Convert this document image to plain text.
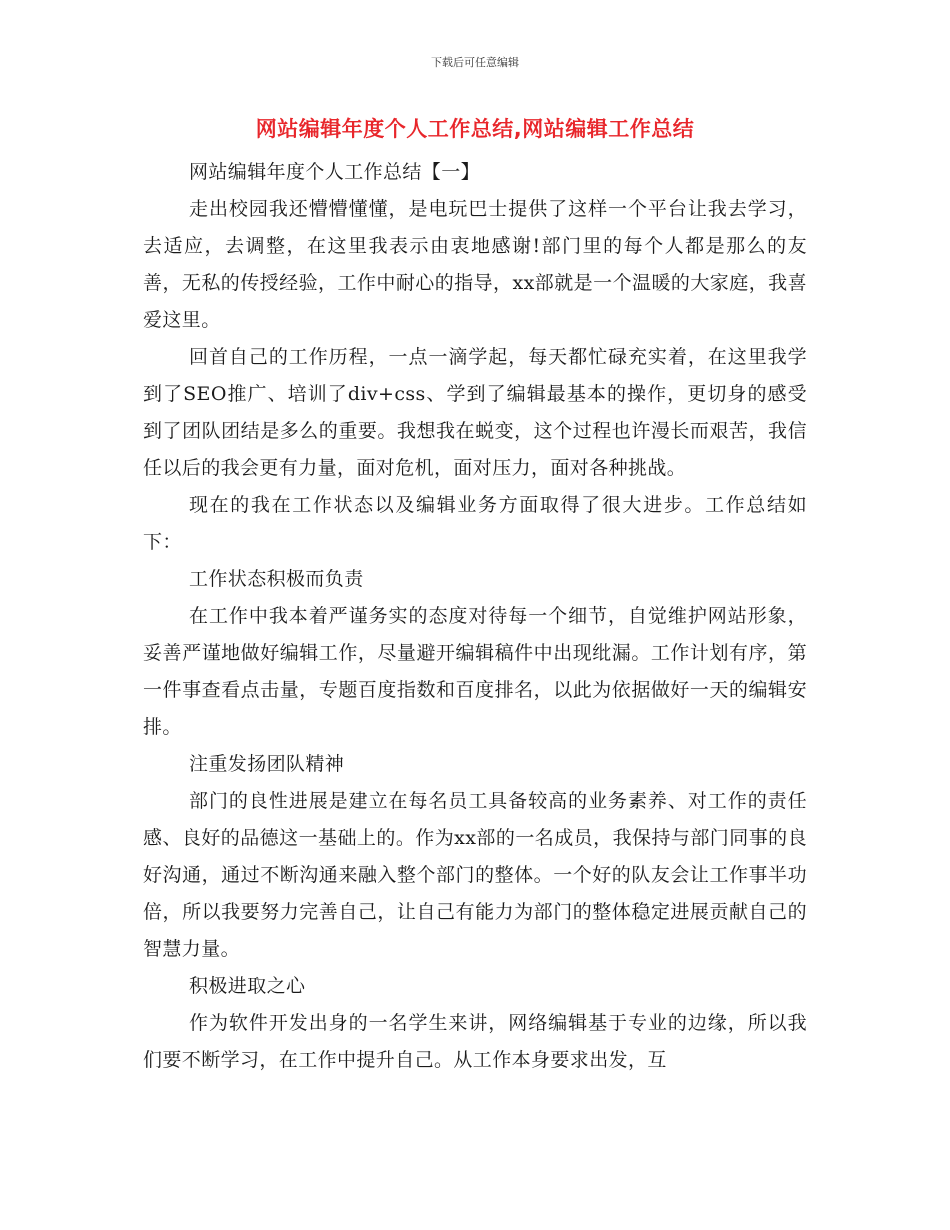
下载后可任意编辑
网站编辑年度个人工作总结,网站编辑工作总结

网站编辑年度个人工作总结【一】

走出校园我还懵懵懂懂，是电玩巴士提供了这样一个平台让我去学习，去适应，去调整，在这里我表示由衷地感谢!部门里的每个人都是那么的友善，无私的传授经验，工作中耐心的指导，xx部就是一个温暖的大家庭，我喜爱这里。

回首自己的工作历程，一点一滴学起，每天都忙碌充实着，在这里我学到了SEO推广、培训了div+css、学到了编辑最基本的操作，更切身的感受到了团队团结是多么的重要。我想我在蜕变，这个过程也许漫长而艰苦，我信任以后的我会更有力量，面对危机，面对压力，面对各种挑战。

现在的我在工作状态以及编辑业务方面取得了很大进步。工作总结如下：

工作状态积极而负责

在工作中我本着严谨务实的态度对待每一个细节，自觉维护网站形象，妥善严谨地做好编辑工作，尽量避开编辑稿件中出现纰漏。工作计划有序，第一件事查看点击量，专题百度指数和百度排名，以此为依据做好一天的编辑安排。

注重发扬团队精神

部门的良性进展是建立在每名员工具备较高的业务素养、对工作的责任感、良好的品德这一基础上的。作为xx部的一名成员，我保持与部门同事的良好沟通，通过不断沟通来融入整个部门的整体。一个好的队友会让工作事半功倍，所以我要努力完善自己，让自己有能力为部门的整体稳定进展贡献自己的智慧力量。

积极进取之心

作为软件开发出身的一名学生来讲，网络编辑基于专业的边缘，所以我们要不断学习，在工作中提升自己。从工作本身要求出发，互
